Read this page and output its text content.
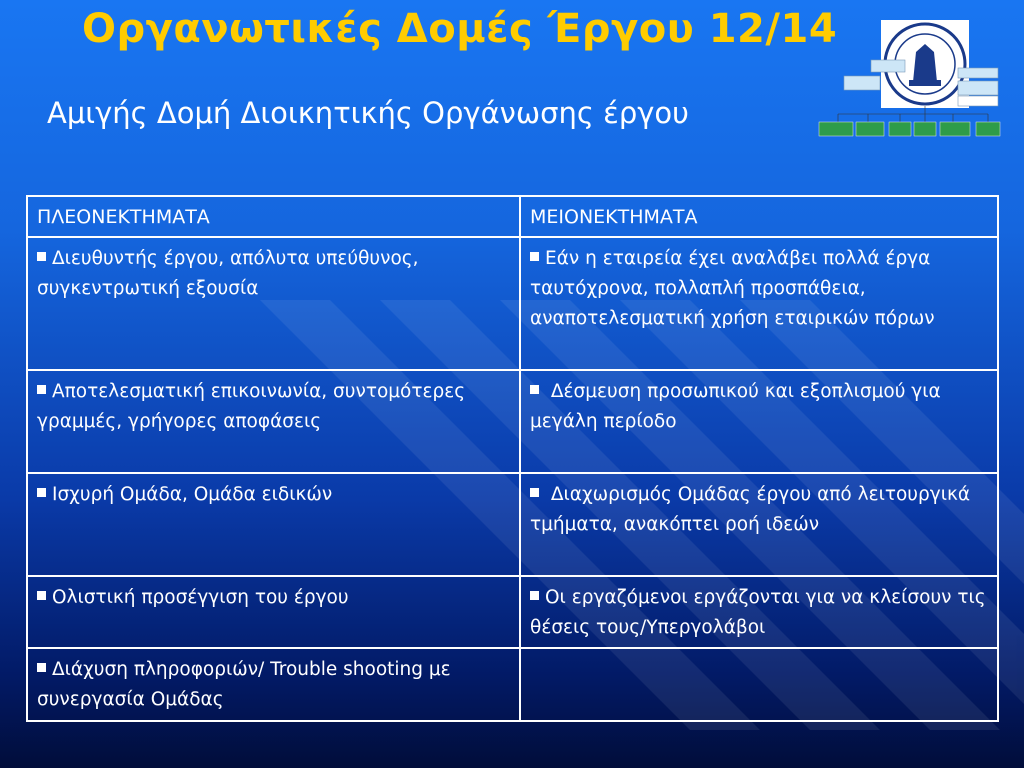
Οργανωτικές Δομές Έργου 12/14
Αμιγής Δομή Διοικητικής Οργάνωσης έργου
ΠΛΕΟΝΕΚΤΗΜΑΤΑ	ΜΕΙΟΝΕΚΤΗΜΑΤΑ
Διευθυντής έργου, απόλυτα υπεύθυνος, συγκεντρωτική εξουσία	Εάν η εταιρεία έχει αναλάβει πολλά έργα ταυτόχρονα, πολλαπλή προσπάθεια, αναποτελεσματική χρήση εταιρικών πόρων
Αποτελεσματική επικοινωνία, συντομότερες γραμμές, γρήγορες αποφάσεις	Δέσμευση προσωπικού και εξοπλισμού για μεγάλη περίοδο
Ισχυρή Ομάδα, Ομάδα ειδικών	Διαχωρισμός Ομάδας έργου από λειτουργικά τμήματα, ανακόπτει ροή ιδεών
Ολιστική προσέγγιση του έργου	Οι εργαζόμενοι εργάζονται για να κλείσουν τις θέσεις τους/Υπεργολάβοι
Διάχυση πληροφοριών/ Trouble shooting με συνεργασία Ομάδας	
